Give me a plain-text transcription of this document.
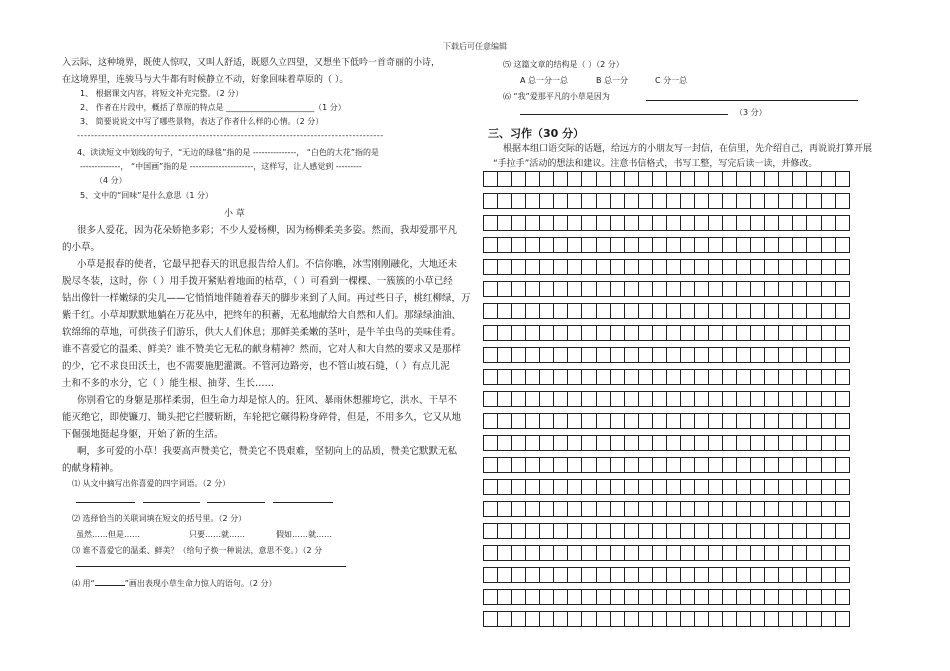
下载后可任意编辑
入云际，这种境界，既使人惊叹，又叫人舒适，既愿久立四望，又想坐下低吟一首奇丽的小诗，
在这境界里，连骏马与大牛都有时候静立不动，好象回味着草原的（ ）。
1、 根据课文内容，将短文补充完整。（2 分）
2、 作者在片段中，概括了草原的特点是 ______________________（1 分）
3、 简要说说文中写了哪些景物，表达了作者什么样的心情。（2 分）
----------------------------------------------------------------------------------------
4、读读短文中划线的句子，“无边的绿毯”指的是 ---------------， “白色的大花”指的是
--------------， “中国画”指的是 ----------------------，这样写，让人感觉到 ---------
（4 分）
5、文中的“回味”是什么意思（1 分）
小 草
很多人爱花，因为花朵娇艳多彩；不少人爱杨柳，因为杨柳柔美多姿。然而，我却爱那平凡
的小草。
小草是报春的使者，它最早把春天的讯息报告给人们。不信你瞧，冰雪刚刚融化，大地还未
脱尽冬装，这时，你（ ）用手拨开紧贴着地面的枯草，（ ）可看到一棵棵、一簇簇的小草已经
钻出像针一样嫩绿的尖儿——它悄悄地伴随着春天的脚步来到了人间。再过些日子，桃红柳绿，万
紫千红。小草却默默地躺在万花丛中，把终年的积蓄，无私地献给大自然和人们。那绿绿油油、
软绵绵的草地，可供孩子们游乐，供大人们休息；那鲜美柔嫩的茎叶，是牛羊虫鸟的美味佳肴。
谁不喜爱它的温柔、鲜美？谁不赞美它无私的献身精神？然而，它对人和大自然的要求又是那样
的少，它不求良田沃土，也不需要施肥灌溉。不管河边路旁，也不管山坡石缝，（ ）有点儿泥
土和不多的水分，它（ ）能生根、抽芽、生长……
你别看它的身躯是那样柔弱，但生命力却是惊人的。狂风、暴雨休想摧垮它，洪水、干旱不
能灭绝它，即使镰刀、锄头把它拦腰斩断，车轮把它碾得粉身碎骨，但是，不用多久，它又从地
下倔强地挺起身躯，开始了新的生活。
啊，多可爱的小草！我要高声赞美它，赞美它不畏艰难，坚韧向上的品质，赞美它默默无私
的献身精神。
⑴ 从文中摘写出你喜爱的四字词语。（2 分）
⑵ 选择恰当的关联词填在短文的括号里。（2 分）
虽然……但是……	只要……就……	假如……就……
⑶ 谁不喜爱它的温柔、鲜美？（给句子换一种说法，意思不变。）（2 分
⑷ 用“	”画出表现小草生命力惊人的语句。（2 分）
⑸ 这篇文章的结构是（ ）（2 分）
A 总一分一总	B 总一分	C 分一总
⑹ “我”爱那平凡的小草是因为
（3 分）
三、习作（30 分）
根据本组口语交际的话题，给远方的小朋友写一封信，在信里，先介绍自己，再说说打算开展
“手拉手”活动的想法和建议。注意书信格式，书写工整，写完后读一读，并修改。
